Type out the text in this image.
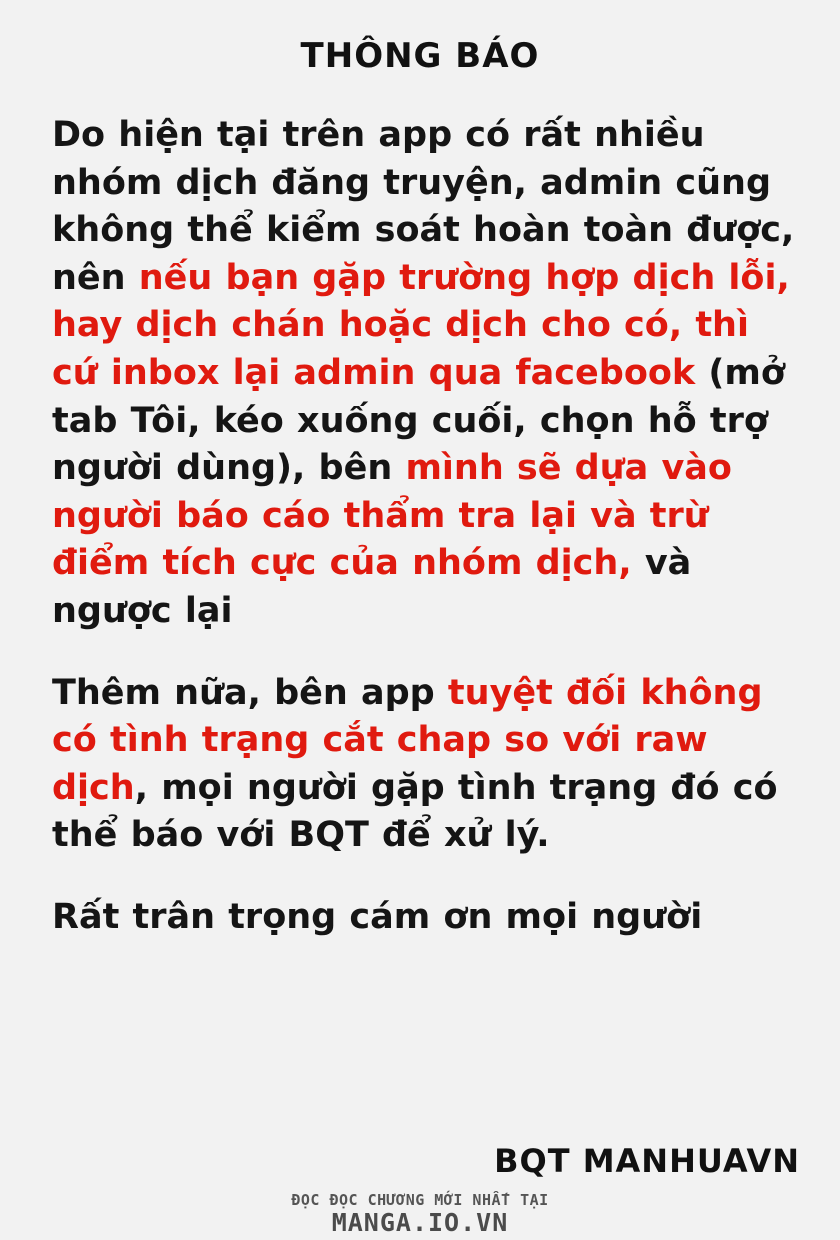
THÔNG BÁO

Do hiện tại trên app có rất nhiều nhóm dịch đăng truyện, admin cũng không thể kiểm soát hoàn toàn được, nên nếu bạn gặp trường hợp dịch lỗi, hay dịch chán hoặc dịch cho có, thì cứ inbox lại admin qua facebook (mở tab Tôi, kéo xuống cuối, chọn hỗ trợ người dùng), bên mình sẽ dựa vào người báo cáo thẩm tra lại và trừ điểm tích cực của nhóm dịch, và ngược lại

Thêm nữa, bên app tuyệt đối không có tình trạng cắt chap so với raw dịch, mọi người gặp tình trạng đó có thể báo với BQT để xử lý.

Rất trân trọng cám ơn mọi người

BQT MANHUAVN
ĐỌC ĐỌC CHƯƠNG MỚI NHẤT TẠI
MANGA.IO.VN
